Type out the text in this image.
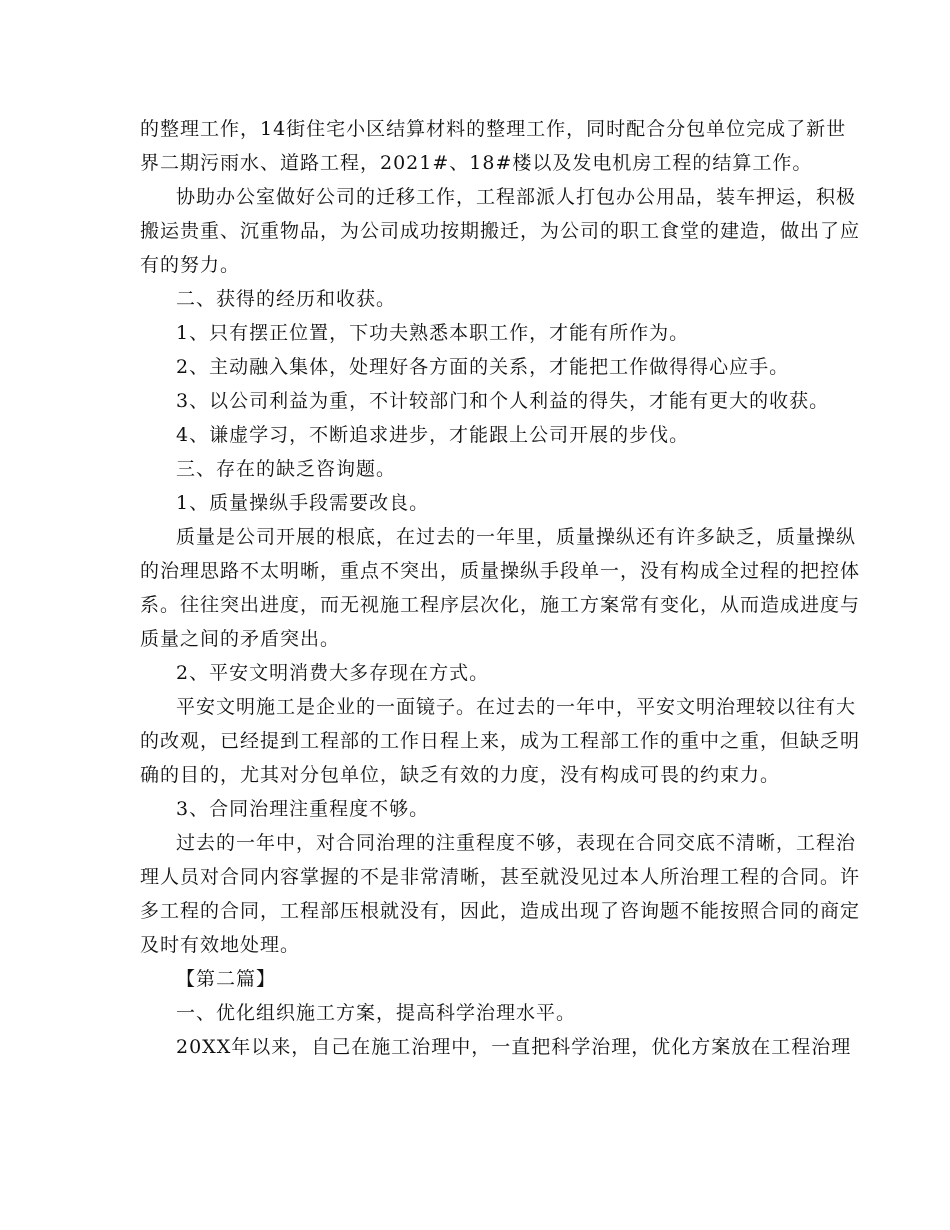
的整理工作，14街住宅小区结算材料的整理工作，同时配合分包单位完成了新世
界二期污雨水、道路工程，2021#、18#楼以及发电机房工程的结算工作。
协助办公室做好公司的迁移工作，工程部派人打包办公用品，装车押运，积极
搬运贵重、沉重物品，为公司成功按期搬迁，为公司的职工食堂的建造，做出了应
有的努力。
二、获得的经历和收获。
1、只有摆正位置，下功夫熟悉本职工作，才能有所作为。
2、主动融入集体，处理好各方面的关系，才能把工作做得得心应手。
3、以公司利益为重，不计较部门和个人利益的得失，才能有更大的收获。
4、谦虚学习，不断追求进步，才能跟上公司开展的步伐。
三、存在的缺乏咨询题。
1、质量操纵手段需要改良。
质量是公司开展的根底，在过去的一年里，质量操纵还有许多缺乏，质量操纵
的治理思路不太明晰，重点不突出，质量操纵手段单一，没有构成全过程的把控体
系。往往突出进度，而无视施工程序层次化，施工方案常有变化，从而造成进度与
质量之间的矛盾突出。
2、平安文明消费大多存现在方式。
平安文明施工是企业的一面镜子。在过去的一年中，平安文明治理较以往有大
的改观，已经提到工程部的工作日程上来，成为工程部工作的重中之重，但缺乏明
确的目的，尤其对分包单位，缺乏有效的力度，没有构成可畏的约束力。
3、合同治理注重程度不够。
过去的一年中，对合同治理的注重程度不够，表现在合同交底不清晰，工程治
理人员对合同内容掌握的不是非常清晰，甚至就没见过本人所治理工程的合同。许
多工程的合同，工程部压根就没有，因此，造成出现了咨询题不能按照合同的商定
及时有效地处理。
【第二篇】
一、优化组织施工方案，提高科学治理水平。
20XX年以来，自己在施工治理中，一直把科学治理，优化方案放在工程治理
